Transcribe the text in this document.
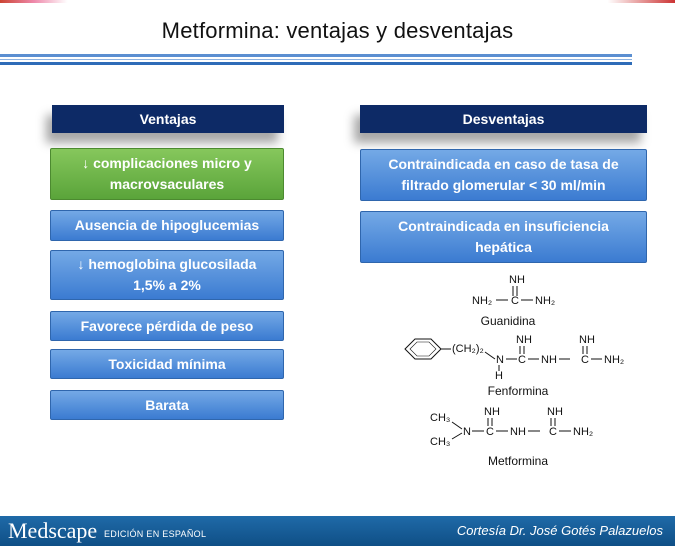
Metformina: ventajas y desventajas
Ventajas
↓ complicaciones micro y
macrovsaculares
Ausencia de hipoglucemias
↓ hemoglobina glucosilada
1,5% a 2%
Favorece pérdida de peso
Toxicidad mínima
Barata
Desventajas
Contraindicada en caso de tasa de
filtrado glomerular < 30 ml/min
Contraindicada en insuficiencia
hepática
NH
NH₂ C NH₂
Guanidina
(CH₂)₂
N
H
NH
C NH
NH
C NH₂
Fenformina
CH₃
CH₃
N
NH
C NH
NH
C NH₂
Metformina
Medscape EDICIÓN EN ESPAÑOL	Cortesía Dr. José Gotés Palazuelos
